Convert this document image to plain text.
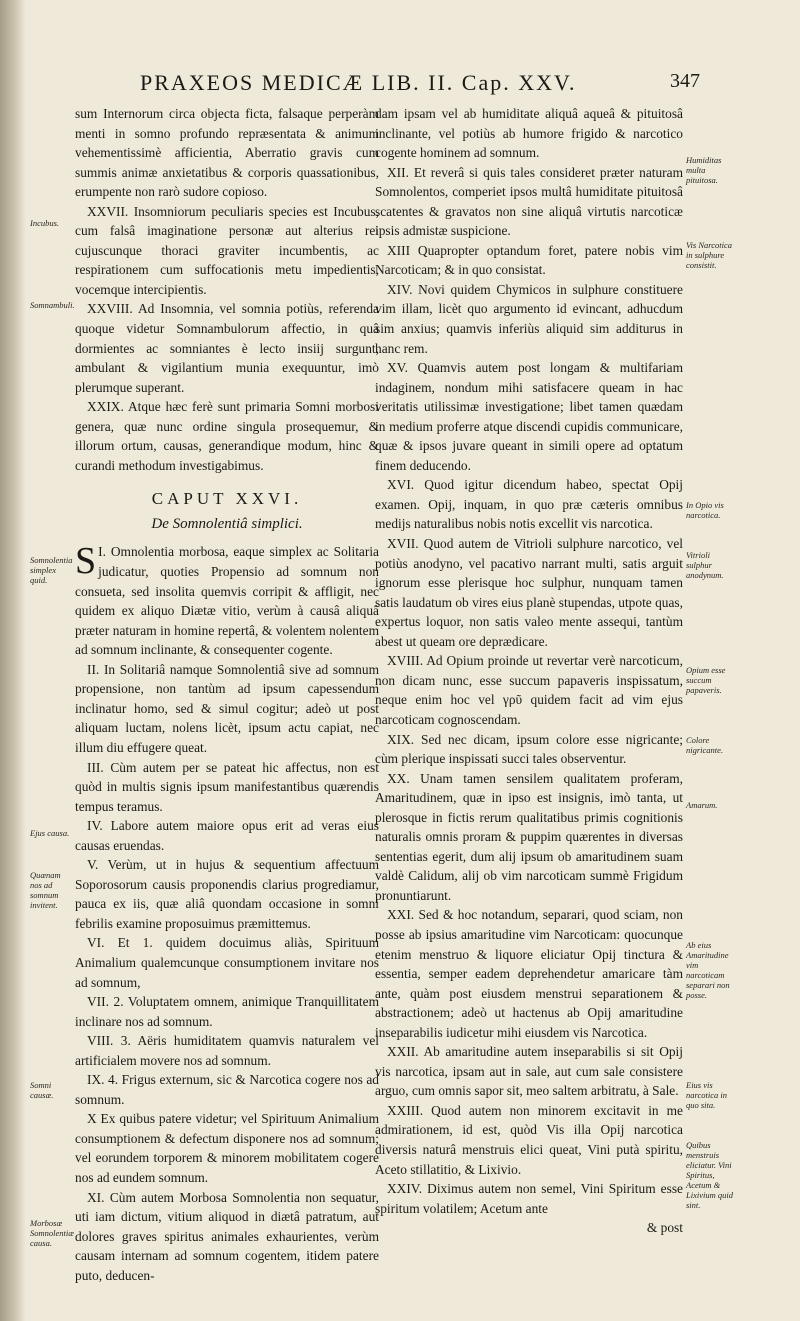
PRAXEOS MEDICÆ LIB. II. Cap. XXV.	347

sum Internorum circa objecta ficta, falsaque perperàm menti in somno profundo repræsentata & animum vehementissimè afficientia, Aberratio gravis cum summis animæ anxietatibus & corporis quassationibus, erumpente non rarò sudore copioso.

XXVII. Insomniorum peculiaris species est Incubus, cum falsâ imaginatione personæ aut alterius rei cujuscunque thoraci graviter incumbentis, ac respirationem cum suffocationis metu impedientis, vocemque intercipientis.

XXVIII. Ad Insomnia, vel somnia potiùs, referenda quoque videtur Somnambulorum affectio, in quâ dormientes ac somniantes è lecto insiij surgunt, ambulant & vigilantium munia exequuntur, imò plerumque superant.

XXIX. Atque hæc ferè sunt primaria Somni morbosi genera, quæ nunc ordine singula prosequemur, & illorum ortum, causas, generandique modum, hinc & curandi methodum investigabimus.

CAPUT XXVI.

De Somnolentiâ simplici.

S I. Omnolentia morbosa, eaque simplex ac Solitaria judicatur, quoties Propensio ad somnum non consueta, sed insolita quemvis corripit & affligit, nec quidem ex aliquo Diætæ vitio, verùm à causâ aliquâ præter naturam in homine repertâ, & volentem nolentem ad somnum inclinante, & consequenter cogente.

II. In Solitariâ namque Somnolentiâ sive ad somnum propensione, non tantùm ad ipsum capessendum inclinatur homo, sed & simul cogitur; adeò ut post aliquam luctam, nolens licèt, ipsum actu capiat, nec illum diu effugere queat.

III. Cùm autem per se pateat hic affectus, non est quòd in multis signis ipsum manifestantibus quærendis tempus teramus.

IV. Labore autem maiore opus erit ad veras eius causas eruendas.

V. Verùm, ut in hujus & sequentium affectuum Soporosorum causis proponendis clarius progrediamur, pauca ex iis, quæ aliâ quondam occasione in somni febrilis examine proposuimus præmittemus.

VI. Et 1. quidem docuimus aliàs, Spirituum Animalium qualemcunque consumptionem invitare nos ad somnum,

VII. 2. Voluptatem omnem, animique Tranquillitatem inclinare nos ad somnum.

VIII. 3. Aëris humiditatem quamvis naturalem vel artificialem movere nos ad somnum.

IX. 4. Frigus externum, sic & Narcotica cogere nos ad somnum.

X Ex quibus patere videtur; vel Spirituum Animalium consumptionem & defectum disponere nos ad somnum; vel eorundem torporem & minorem mobilitatem cogere nos ad eundem somnum.

XI. Cùm autem Morbosa Somnolentia non sequatur, uti iam dictum, vitium aliquod in diætâ patratum, aut dolores graves spiritus animales exhaurientes, verùm causam internam ad somnum cogentem, itidem patere puto, deducen-

dam ipsam vel ab humiditate aliquâ aqueâ & pituitosâ inclinante, vel potiùs ab humore frigido & narcotico cogente hominem ad somnum.

XII. Et reverâ si quis tales consideret præter naturam Somnolentos, comperiet ipsos multâ humiditate pituitosâ scatentes & gravatos non sine aliquâ virtutis narcoticæ ipsis admistæ suspicione.

XIII Quapropter optandum foret, patere nobis vim Narcoticam; & in quo consistat.

XIV. Novi quidem Chymicos in sulphure constituere vim illam, licèt quo argumento id evincant, adhucdum sim anxius; quamvis inferiùs aliquid sim additurus in hanc rem.

XV. Quamvis autem post longam & multifariam indaginem, nondum mihi satisfacere queam in hac veritatis utilissimæ investigatione; libet tamen quædam in medium proferre atque discendi cupidis communicare, quæ & ipsos juvare queant in simili opere ad optatum finem deducendo.

XVI. Quod igitur dicendum habeo, spectat Opij examen. Opij, inquam, in quo præ cæteris omnibus medijs naturalibus nobis notis excellit vis narcotica.

XVII. Quod autem de Vitrioli sulphure narcotico, vel potiùs anodyno, vel pacativo narrant multi, satis arguit ignorum esse plerisque hoc sulphur, nunquam tamen satis laudatum ob vires eius planè stupendas, utpote quas, expertus loquor, non satis valeo mente assequi, tantùm abest ut queam ore deprædicare.

XVIII. Ad Opium proinde ut revertar verè narcoticum, non dicam nunc, esse succum papaveris inspissatum, neque enim hoc vel γρῦ quidem facit ad vim ejus narcoticam cognoscendam.

XIX. Sed nec dicam, ipsum colore esse nigricante; cùm plerique inspissati succi tales observentur.

XX. Unam tamen sensilem qualitatem proferam, Amaritudinem, quæ in ipso est insignis, imò tanta, ut plerosque in fictis rerum qualitatibus primis cognitionis naturalis omnis proram & puppim quærentes in diversas sententias egerit, dum alij ipsum ob amaritudinem suam valdè Calidum, alij ob vim narcoticam summè Frigidum pronuntiarunt.

XXI. Sed & hoc notandum, separari, quod sciam, non posse ab ipsius amaritudine vim Narcoticam: quocunque etenim menstruo & liquore eliciatur Opij tinctura & essentia, semper eadem deprehendetur amaricare tàm ante, quàm post eiusdem menstrui separationem & abstractionem; adeò ut hactenus ab Opij amaritudine inseparabilis iudicetur mihi eiusdem vis Narcotica.

XXII. Ab amaritudine autem inseparabilis si sit Opij vis narcotica, ipsam aut in sale, aut cum sale consistere arguo, cum omnis sapor sit, meo saltem arbitratu, à Sale.

XXIII. Quod autem non minorem excitavit in me admirationem, id est, quòd Vis illa Opij narcotica diversis naturâ menstruis elici queat, Vini putà spiritu, Aceto stillatitio, & Lixivio.

XXIV. Diximus autem non semel, Vini Spiritum esse spiritum volatilem; Acetum ante

& post

Incubus.
Somnambuli.
Somnolentia simplex quid.
Ejus causa.
Quænam nos ad somnum invitent.
Somni causæ.
Morbosæ Somnolentiæ causa.
Humiditas multa pituitosa.
Vis Narcotica in sulphure consistit.
In Opio vis narcotica.
Vitrioli sulphur anodynum.
Opium esse succum papaveris.
Colore nigricante.
Amarum.
Ab eius Amaritudine vim narcoticam separari non posse.
Eius vis narcotica in quo sita.
Quibus menstruis eliciatur. Vini Spiritus, Acetum & Lixivium quid sint.
